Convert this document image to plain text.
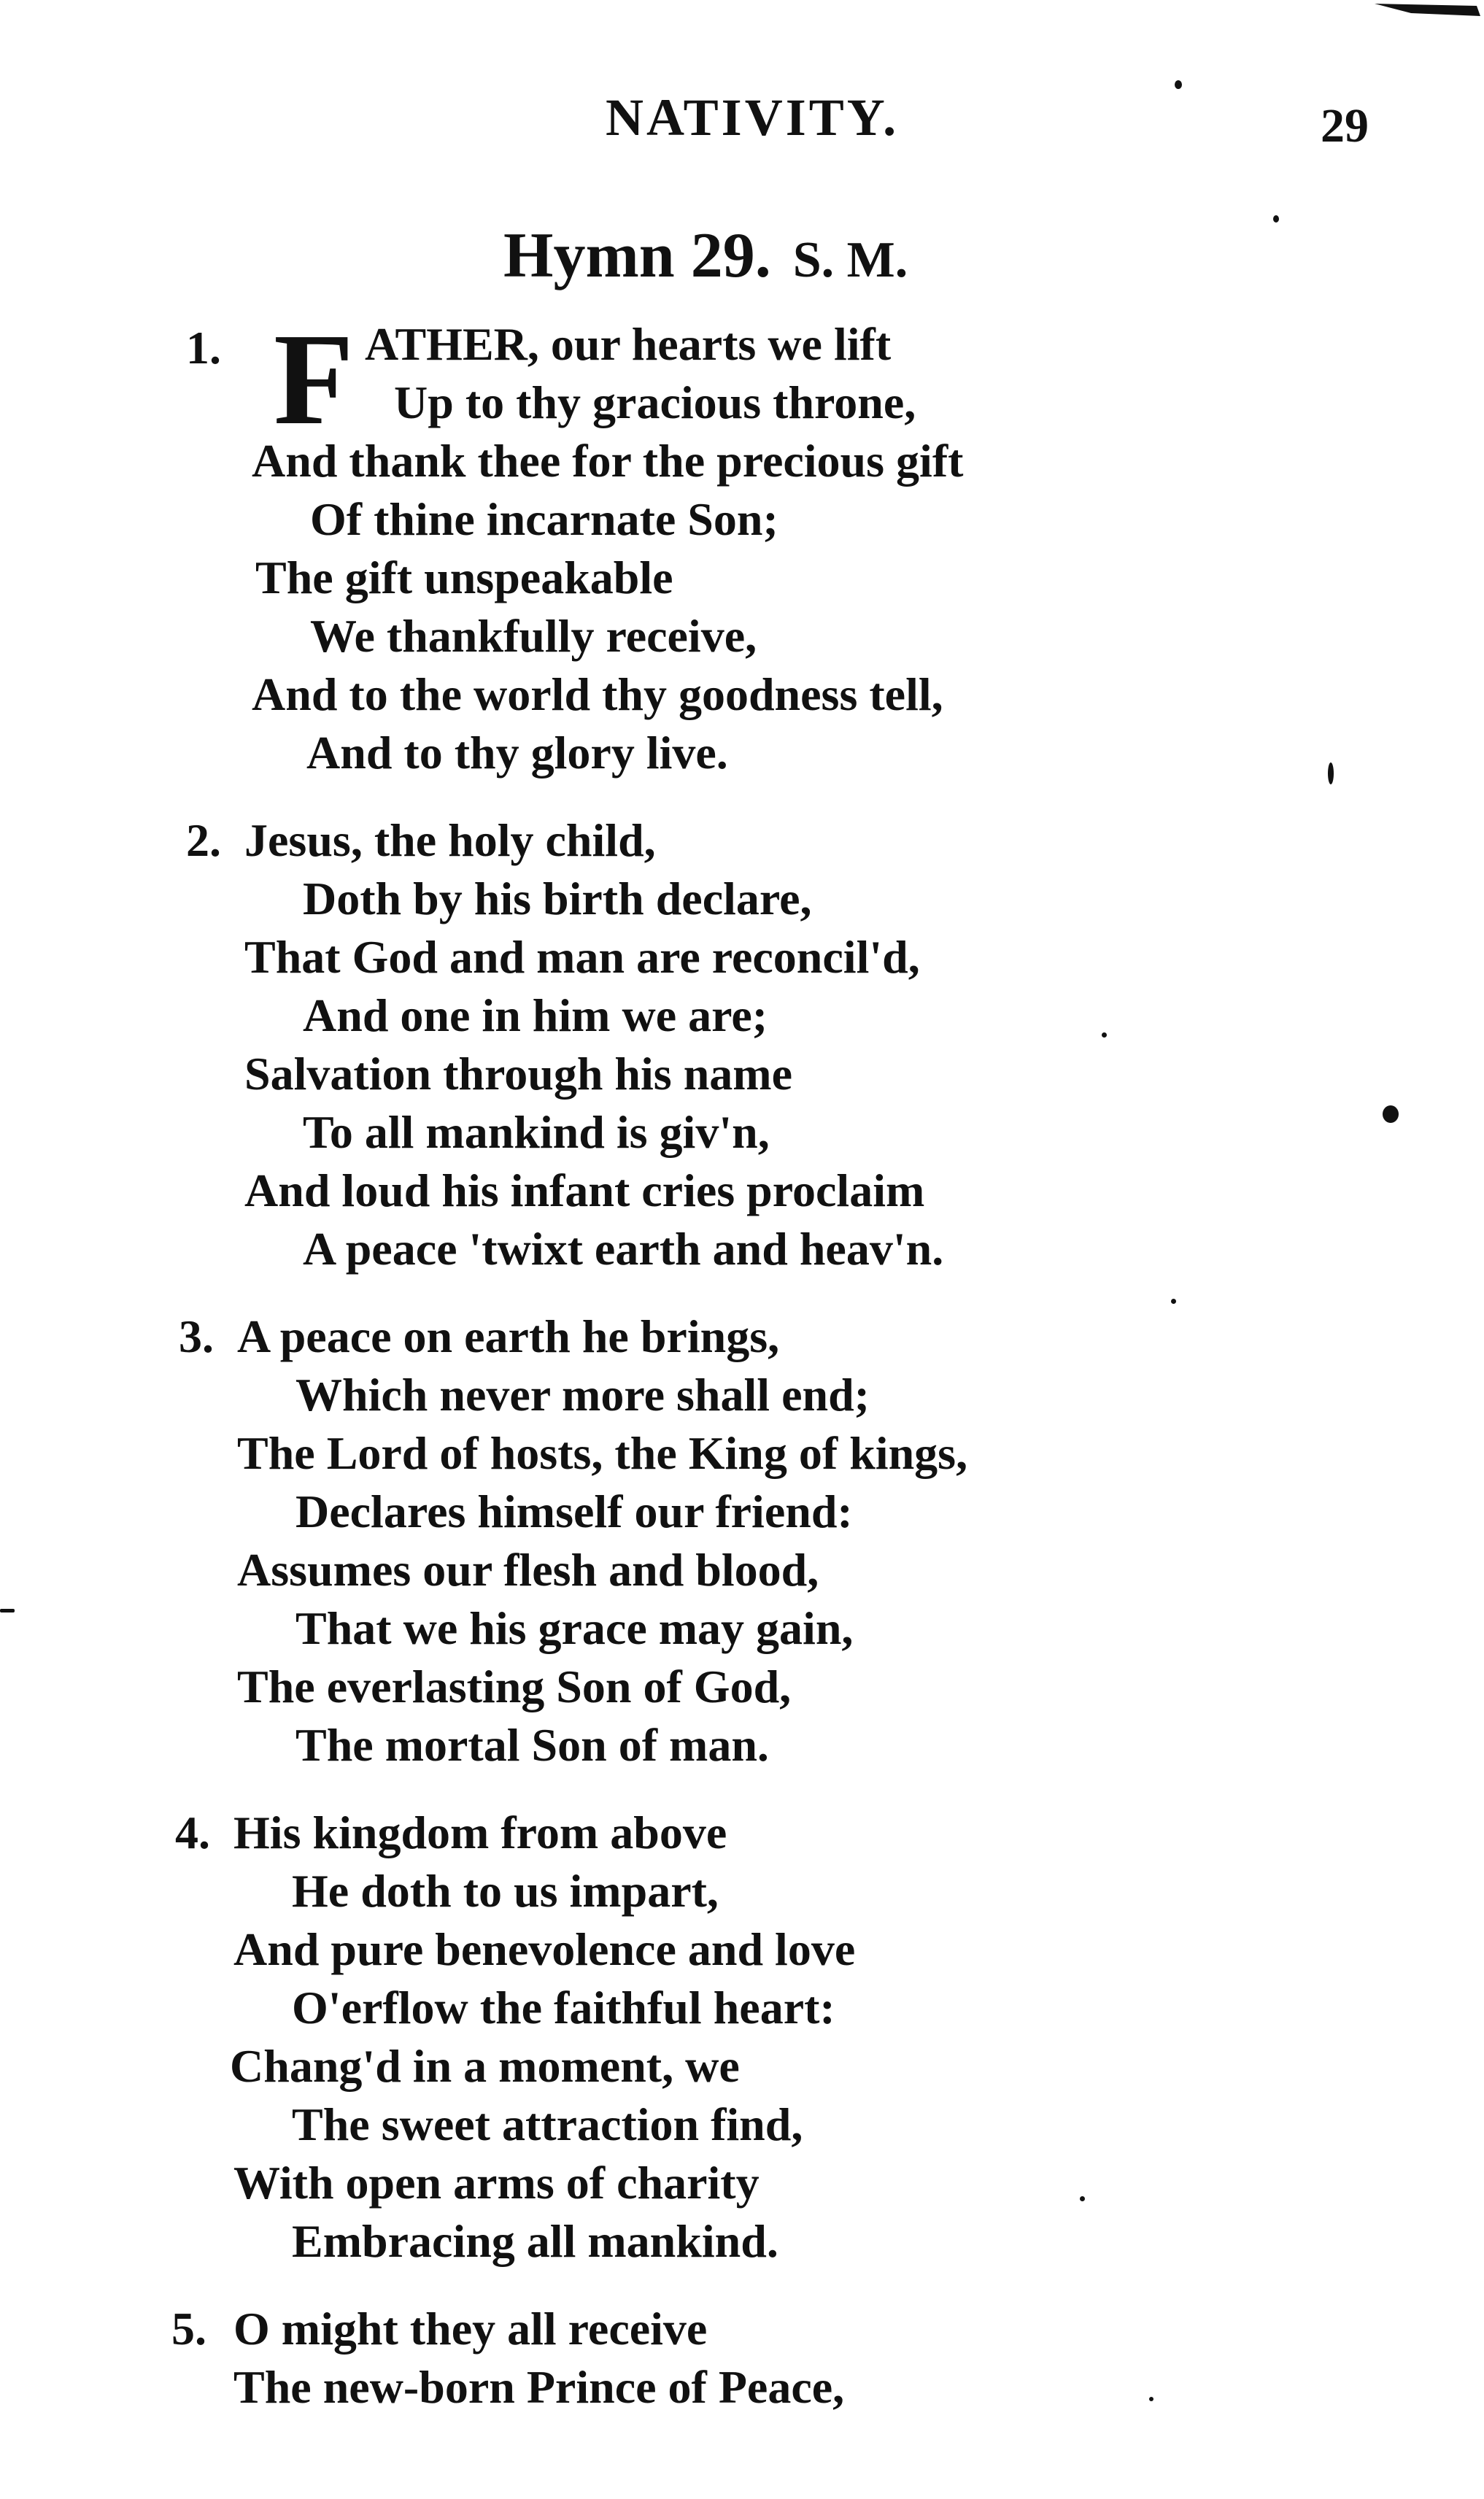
NATIVITY.	29
Hymn 29. S. M.
1. F ATHER, our hearts we lift
Up to thy gracious throne,
And thank thee for the precious gift
Of thine incarnate Son;
The gift unspeakable
We thankfully receive,
And to the world thy goodness tell,
And to thy glory live.
2. Jesus, the holy child,
Doth by his birth declare,
That God and man are reconcil'd,
And one in him we are;
Salvation through his name
To all mankind is giv'n,
And loud his infant cries proclaim
A peace 'twixt earth and heav'n.
3. A peace on earth he brings,
Which never more shall end;
The Lord of hosts, the King of kings,
Declares himself our friend:
Assumes our flesh and blood,
That we his grace may gain,
The everlasting Son of God,
The mortal Son of man.
4. His kingdom from above
He doth to us impart,
And pure benevolence and love
O'erflow the faithful heart:
Chang'd in a moment, we
The sweet attraction find,
With open arms of charity
Embracing all mankind.
5. O might they all receive
The new-born Prince of Peace,
